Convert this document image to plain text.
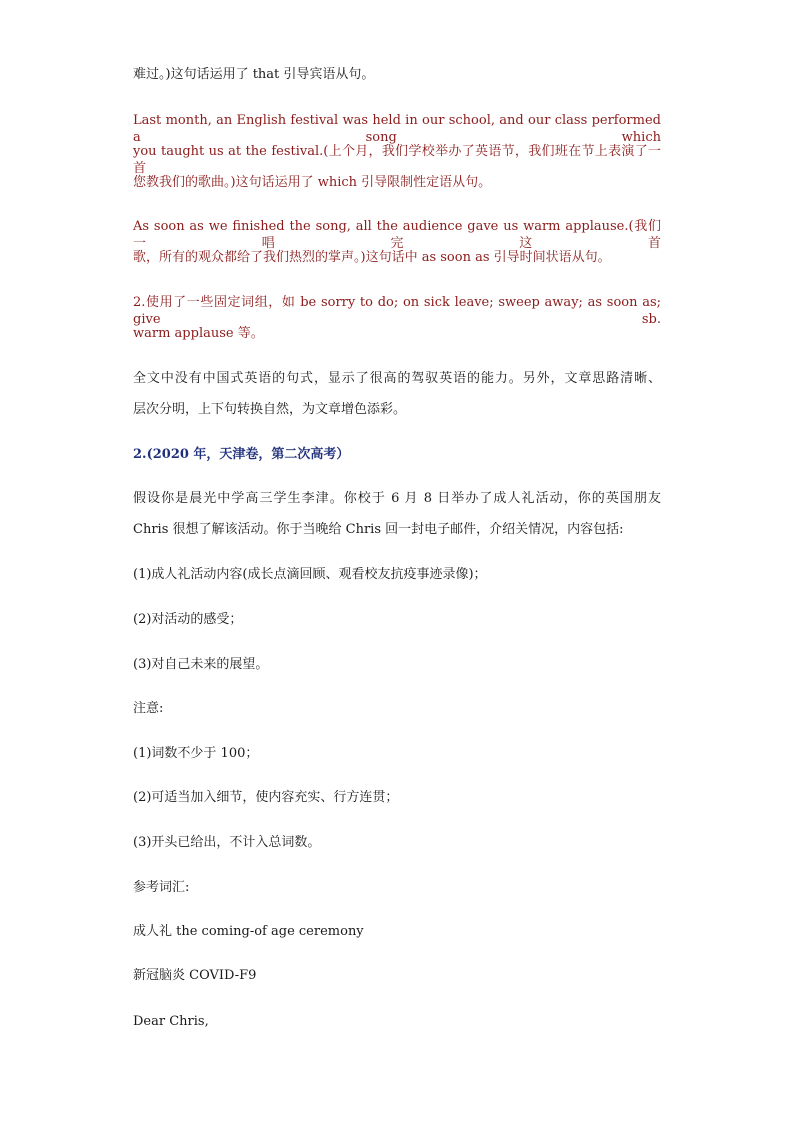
难过。)这句话运用了 that 引导宾语从句。

Last month, an English festival was held in our school, and our class performed a song which

you taught us at the festival.(上个月，我们学校举办了英语节，我们班在节上表演了一首

您教我们的歌曲。)这句话运用了 which 引导限制性定语从句。

As soon as we finished the song, all the audience gave us warm applause.(我们一唱完这首

歌，所有的观众都给了我们热烈的掌声。)这句话中 as soon as 引导时间状语从句。

2.使用了一些固定词组，如 be sorry to do; on sick leave; sweep away; as soon as; give sb.

warm applause 等。

全文中没有中国式英语的句式，显示了很高的驾驭英语的能力。另外，文章思路清晰、

层次分明，上下句转换自然，为文章增色添彩。

2.(2020 年，天津卷，第二次高考）

假设你是晨光中学高三学生李津。你校于 6 月 8 日举办了成人礼活动，你的英国朋友

Chris 很想了解该活动。你于当晚给 Chris 回一封电子邮件，介绍关情况，内容包括:

(1)成人礼活动内容(成长点滴回顾、观看校友抗疫事迹录像)；

(2)对活动的感受；

(3)对自己未来的展望。

注意:

(1)词数不少于 100；

(2)可适当加入细节，使内容充实、行方连贯；

(3)开头已给出，不计入总词数。

参考词汇:

成人礼 the coming-of age ceremony

新冠脑炎 COVID-F9

Dear Chris,
